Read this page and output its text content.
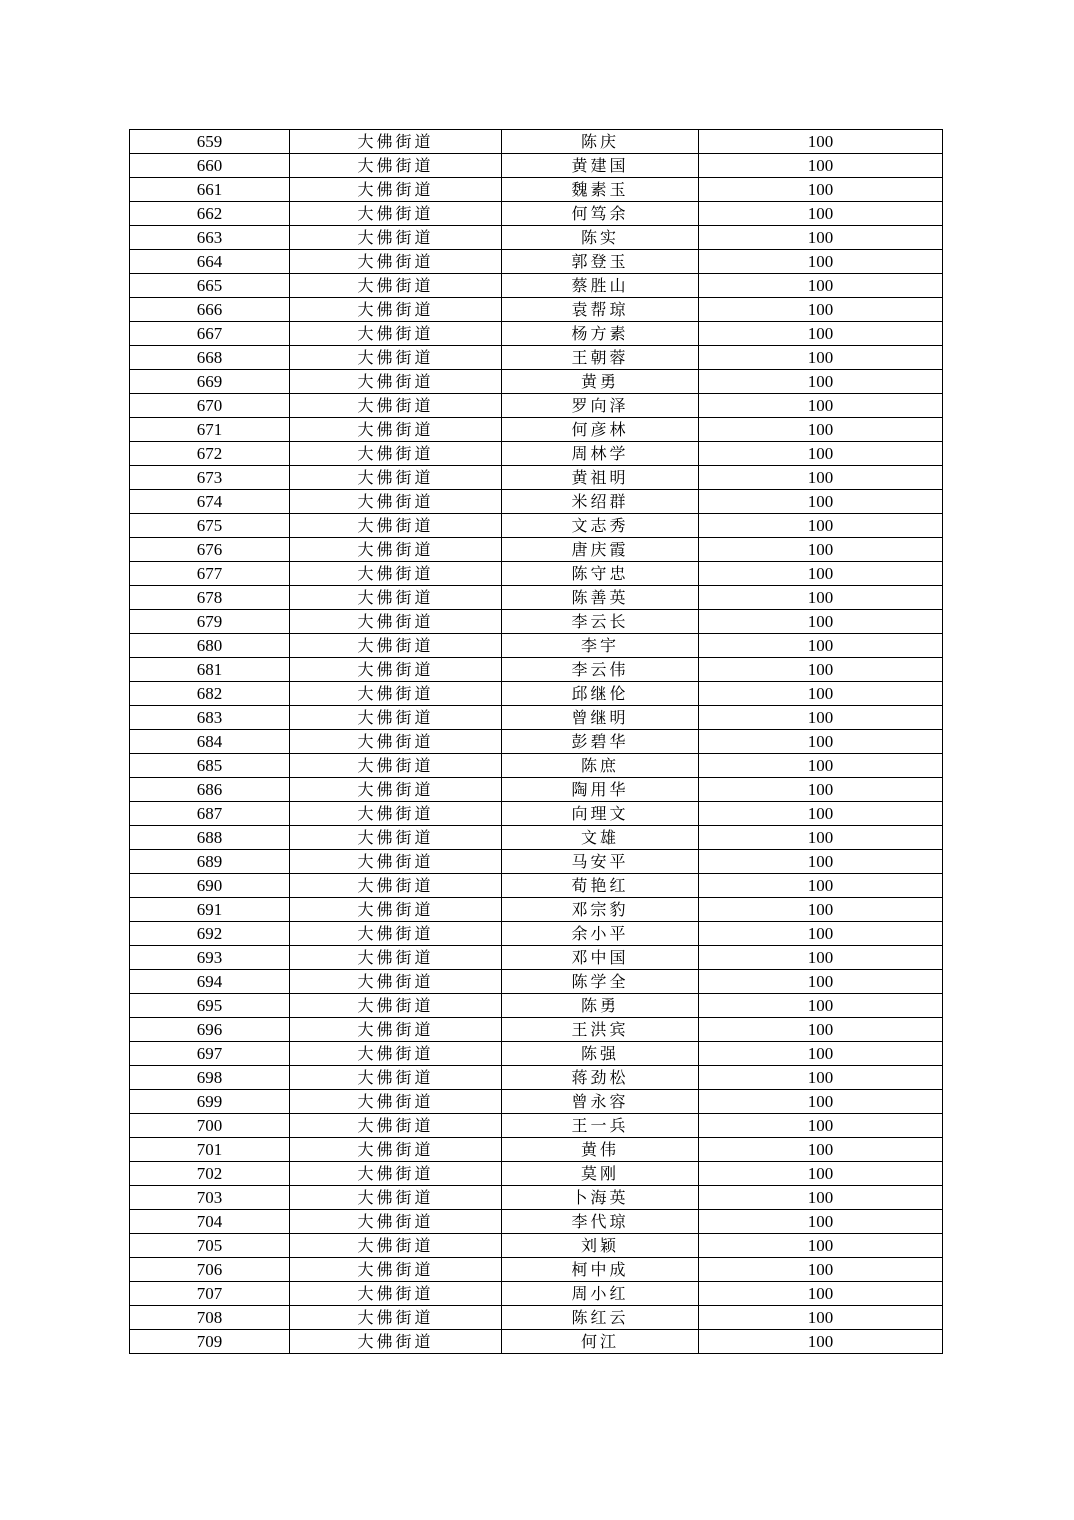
659	大佛街道	陈庆	100
660	大佛街道	黄建国	100
661	大佛街道	魏素玉	100
662	大佛街道	何笃余	100
663	大佛街道	陈实	100
664	大佛街道	郭登玉	100
665	大佛街道	蔡胜山	100
666	大佛街道	袁帮琼	100
667	大佛街道	杨方素	100
668	大佛街道	王朝蓉	100
669	大佛街道	黄勇	100
670	大佛街道	罗向泽	100
671	大佛街道	何彦林	100
672	大佛街道	周林学	100
673	大佛街道	黄祖明	100
674	大佛街道	米绍群	100
675	大佛街道	文志秀	100
676	大佛街道	唐庆霞	100
677	大佛街道	陈守忠	100
678	大佛街道	陈善英	100
679	大佛街道	李云长	100
680	大佛街道	李宇	100
681	大佛街道	李云伟	100
682	大佛街道	邱继伦	100
683	大佛街道	曾继明	100
684	大佛街道	彭碧华	100
685	大佛街道	陈庶	100
686	大佛街道	陶用华	100
687	大佛街道	向理文	100
688	大佛街道	文雄	100
689	大佛街道	马安平	100
690	大佛街道	荀艳红	100
691	大佛街道	邓宗豹	100
692	大佛街道	余小平	100
693	大佛街道	邓中国	100
694	大佛街道	陈学全	100
695	大佛街道	陈勇	100
696	大佛街道	王洪宾	100
697	大佛街道	陈强	100
698	大佛街道	蒋劲松	100
699	大佛街道	曾永容	100
700	大佛街道	王一兵	100
701	大佛街道	黄伟	100
702	大佛街道	莫刚	100
703	大佛街道	卜海英	100
704	大佛街道	李代琼	100
705	大佛街道	刘颖	100
706	大佛街道	柯中成	100
707	大佛街道	周小红	100
708	大佛街道	陈红云	100
709	大佛街道	何江	100
